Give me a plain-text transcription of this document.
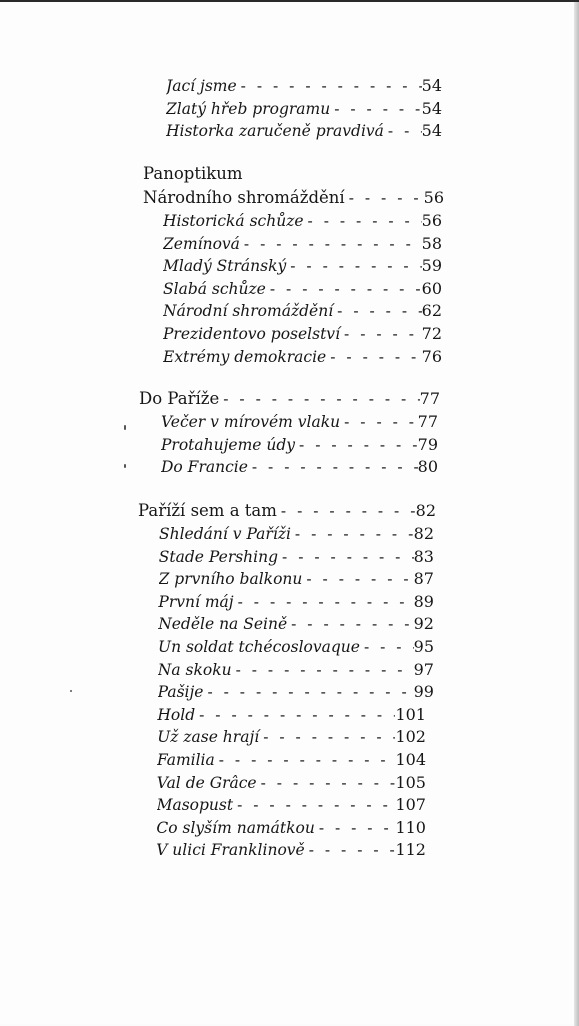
Jací jsme - - -	54
Zlatý hřeb programu - - -	54
Historka zaručeně pravdivá - - - 54
Panoptikum
Národního shromáždění - - -	56
Historická schůze - - -	56
Zemínová - - -	58
Mladý Stránský - - -	59
Slabá schůze - - -	60
Národní shromáždění - - -	62
Prezidentovo poselství - - -	72
Extrémy demokracie - - -	76
Do Paříže - - -	77
Večer v mírovém vlaku - - -	77
Protahujeme údy - - -	79
Do Francie - - -	80
Paříží sem a tam - - -	82
Shledání v Paříži - - -	82
Stade Pershing - - -	83
Z prvního balkonu - - -	87
První máj - - -	89
Neděle na Seině - - -	92
Un soldat tchécoslovaque - - -	95
Na skoku - - -	97
Pašije - - -	99
Hold - - -	101
Už zase hrají - - -	102
Familia - - -	104
Val de Grâce - - -	105
Masopust - - -	107
Co slyším namátkou - - -	110
V ulici Franklinově - - -	112
